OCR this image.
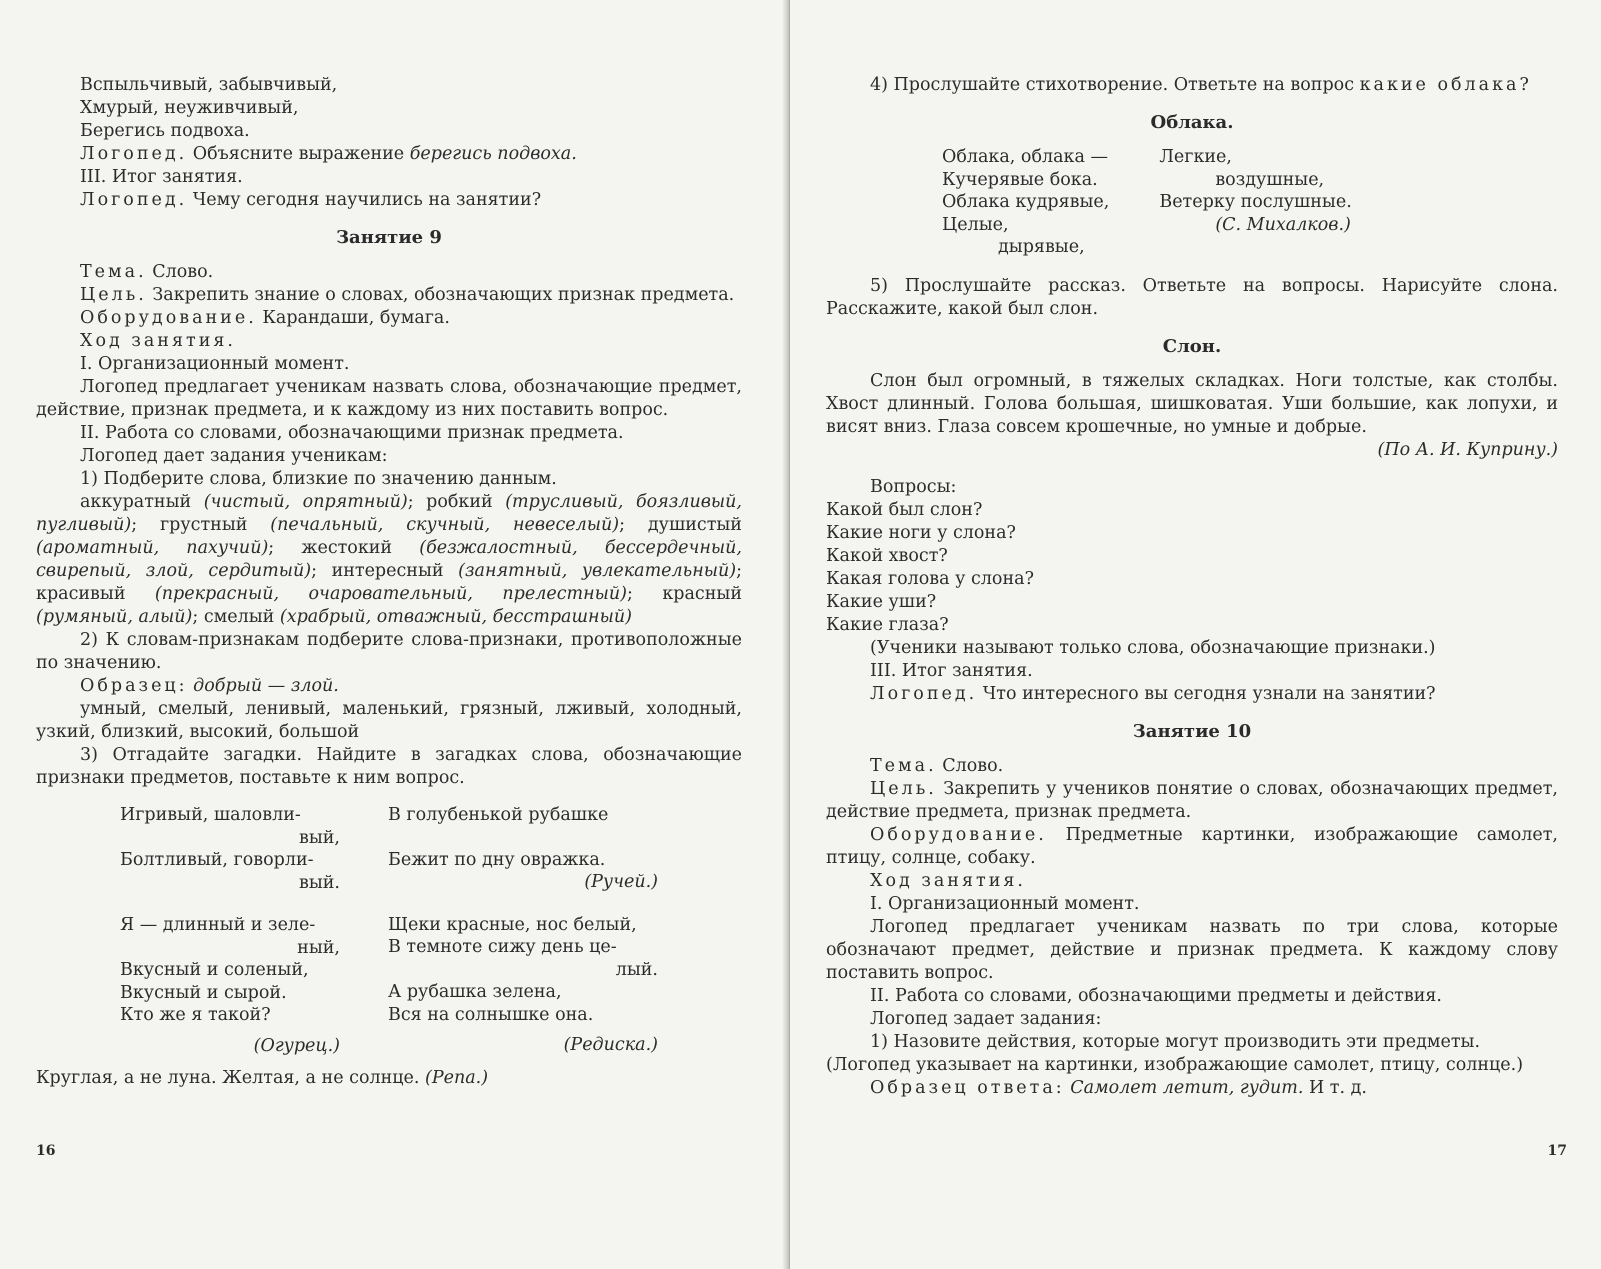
Вспыльчивый, забывчивый,

Хмурый, неуживчивый,

Берегись подвоха.

Логопед. Объясните выражение берегись подвоха.

III. Итог занятия.

Логопед. Чему сегодня научились на занятии?

Занятие 9

Тема. Слово.

Цель. Закрепить знание о словах, обозначающих признак предмета.

Оборудование. Карандаши, бумага.

Ход занятия.

I. Организационный момент.

Логопед предлагает ученикам назвать слова, обозначающие предмет, действие, признак предмета, и к каждому из них поставить вопрос.

II. Работа со словами, обозначающими признак предмета.

Логопед дает задания ученикам:

1) Подберите слова, близкие по значению данным.

аккуратный (чистый, опрятный); робкий (трусливый, боязливый, пугливый); грустный (печальный, скучный, невеселый); душистый (ароматный, пахучий); жестокий (безжалостный, бессердечный, свирепый, злой, сердитый); интересный (занятный, увлекательный); красивый (прекрасный, очаровательный, прелестный); красный (румяный, алый); смелый (храбрый, отважный, бесстрашный)

2) К словам-признакам подберите слова-признаки, противоположные по значению.

Образец: добрый — злой.

умный, смелый, ленивый, маленький, грязный, лживый, холодный, узкий, близкий, высокий, большой

3) Отгадайте загадки. Найдите в загадках слова, обозначающие признаки предметов, поставьте к ним вопрос.

Игривый, шаловли-
вый,
Болтливый, говорли-
вый.
Я — длинный и зеле-
ный,
Вкусный и соленый,
Вкусный и сырой.
Кто же я такой?
(Огурец.)
В голубенькой рубашке
Бежит по дну овражка.
(Ручей.)
Щеки красные, нос белый,
В темноте сижу день це-
лый.
А рубашка зелена,
Вся на солнышке она.
(Редиска.)

Круглая, а не луна. Желтая, а не солнце. (Репа.)

16

4) Прослушайте стихотворение. Ответьте на вопрос какие облака?

Облака.
Облака, облака —
Кучерявые бока.
Облака кудрявые,
Целые,
дырявые,
Легкие,
воздушные,
Ветерку послушные.
(С. Михалков.)

5) Прослушайте рассказ. Ответьте на вопросы. Нарисуйте слона. Расскажите, какой был слон.

Слон.

Слон был огромный, в тяжелых складках. Ноги толстые, как столбы. Хвост длинный. Голова большая, шишковатая. Уши большие, как лопухи, и висят вниз. Глаза совсем крошечные, но умные и добрые.

(По А. И. Куприну.)

Вопросы:

Какой был слон?

Какие ноги у слона?

Какой хвост?

Какая голова у слона?

Какие уши?

Какие глаза?

(Ученики называют только слова, обозначающие признаки.)

III. Итог занятия.

Логопед. Что интересного вы сегодня узнали на занятии?

Занятие 10

Тема. Слово.

Цель. Закрепить у учеников понятие о словах, обозначающих предмет, действие предмета, признак предмета.

Оборудование. Предметные картинки, изображающие самолет, птицу, солнце, собаку.

Ход занятия.

I. Организационный момент.

Логопед предлагает ученикам назвать по три слова, которые обозначают предмет, действие и признак предмета. К каждому слову поставить вопрос.

II. Работа со словами, обозначающими предметы и действия.

Логопед задает задания:

1) Назовите действия, которые могут производить эти предметы.

(Логопед указывает на картинки, изображающие самолет, птицу, солнце.)

Образец ответа: Самолет летит, гудит. И т. д.

17
